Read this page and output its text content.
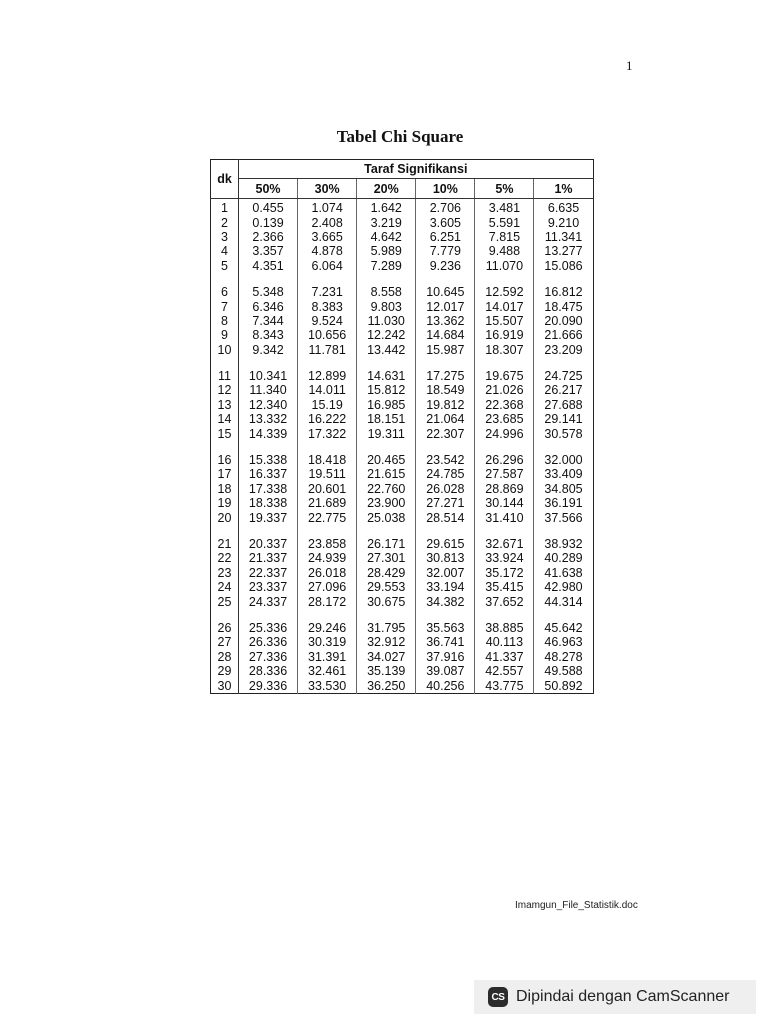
1
Tabel Chi Square
dk	Taraf Signifikansi					
	50%	30%	20%	10%	5%	1%

1	0.455	1.074	1.642	2.706	3.481	6.635
2	0.139	2.408	3.219	3.605	5.591	9.210
3	2.366	3.665	4.642	6.251	7.815	11.341
4	3.357	4.878	5.989	7.779	9.488	13.277
5	4.351	6.064	7.289	9.236	11.070	15.086

6	5.348	7.231	8.558	10.645	12.592	16.812
7	6.346	8.383	9.803	12.017	14.017	18.475
8	7.344	9.524	11.030	13.362	15.507	20.090
9	8.343	10.656	12.242	14.684	16.919	21.666
10	9.342	11.781	13.442	15.987	18.307	23.209

11	10.341	12.899	14.631	17.275	19.675	24.725
12	11.340	14.011	15.812	18.549	21.026	26.217
13	12.340	15.19	16.985	19.812	22.368	27.688
14	13.332	16.222	18.151	21.064	23.685	29.141
15	14.339	17.322	19.311	22.307	24.996	30.578

16	15.338	18.418	20.465	23.542	26.296	32.000
17	16.337	19.511	21.615	24.785	27.587	33.409
18	17.338	20.601	22.760	26.028	28.869	34.805
19	18.338	21.689	23.900	27.271	30.144	36.191
20	19.337	22.775	25.038	28.514	31.410	37.566

21	20.337	23.858	26.171	29.615	32.671	38.932
22	21.337	24.939	27.301	30.813	33.924	40.289
23	22.337	26.018	28.429	32.007	35.172	41.638
24	23.337	27.096	29.553	33.194	35.415	42.980
25	24.337	28.172	30.675	34.382	37.652	44.314

26	25.336	29.246	31.795	35.563	38.885	45.642
27	26.336	30.319	32.912	36.741	40.113	46.963
28	27.336	31.391	34.027	37.916	41.337	48.278
29	28.336	32.461	35.139	39.087	42.557	49.588
30	29.336	33.530	36.250	40.256	43.775	50.892
Imamgun_File_Statistik.doc
CS Dipindai dengan CamScanner
